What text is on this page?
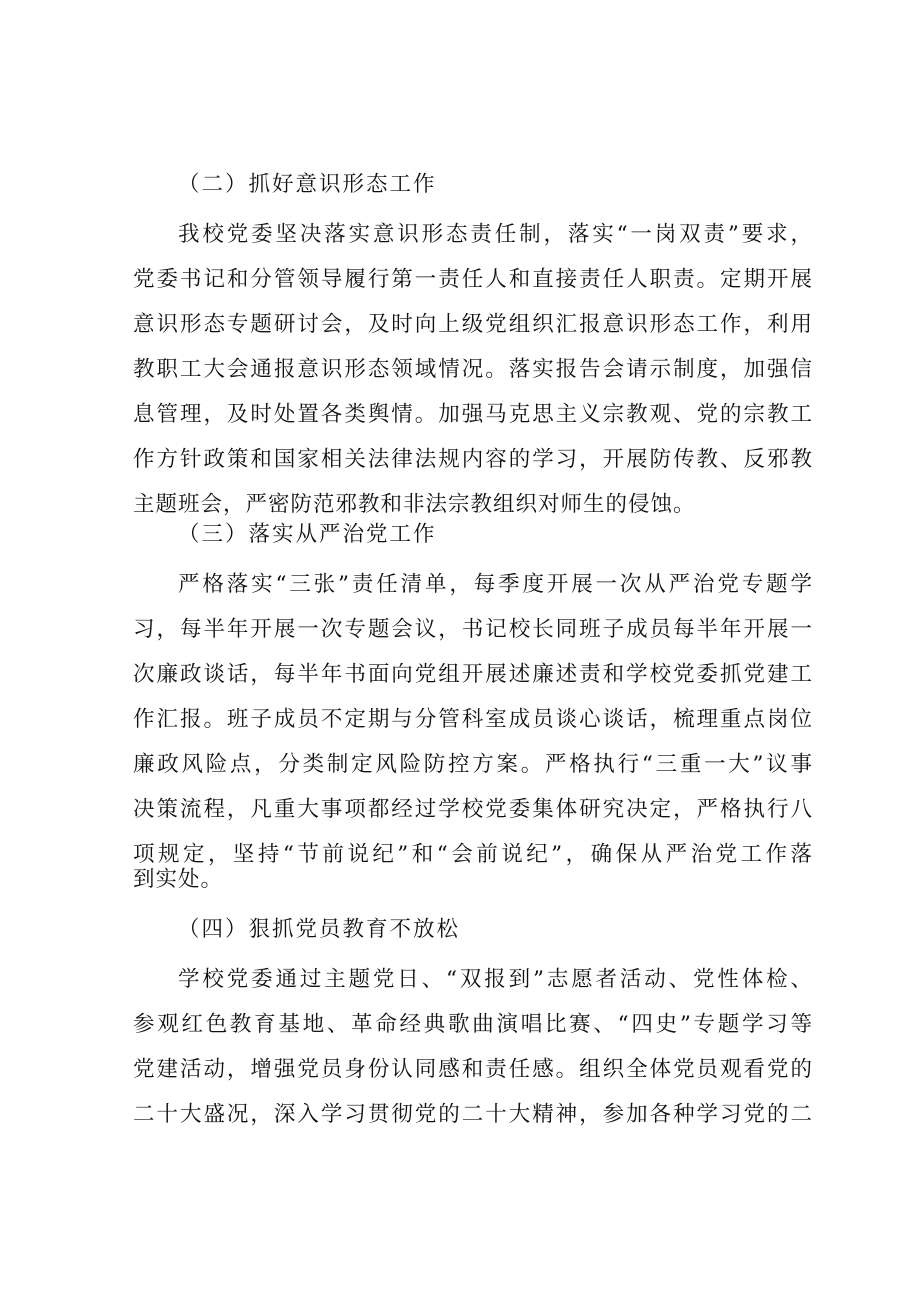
（二）抓好意识形态工作
我校党委坚决落实意识形态责任制，落实“一岗双责”要求，
党委书记和分管领导履行第一责任人和直接责任人职责。定期开展
意识形态专题研讨会，及时向上级党组织汇报意识形态工作，利用
教职工大会通报意识形态领域情况。落实报告会请示制度，加强信
息管理，及时处置各类舆情。加强马克思主义宗教观、党的宗教工
作方针政策和国家相关法律法规内容的学习，开展防传教、反邪教
主题班会，严密防范邪教和非法宗教组织对师生的侵蚀。
（三）落实从严治党工作
严格落实“三张”责任清单，每季度开展一次从严治党专题学
习，每半年开展一次专题会议，书记校长同班子成员每半年开展一
次廉政谈话，每半年书面向党组开展述廉述责和学校党委抓党建工
作汇报。班子成员不定期与分管科室成员谈心谈话，梳理重点岗位
廉政风险点，分类制定风险防控方案。严格执行“三重一大”议事
决策流程，凡重大事项都经过学校党委集体研究决定，严格执行八
项规定，坚持“节前说纪”和“会前说纪”，确保从严治党工作落
到实处。
（四）狠抓党员教育不放松
学校党委通过主题党日、“双报到”志愿者活动、党性体检、
参观红色教育基地、革命经典歌曲演唱比赛、“四史”专题学习等
党建活动，增强党员身份认同感和责任感。组织全体党员观看党的
二十大盛况，深入学习贯彻党的二十大精神，参加各种学习党的二
